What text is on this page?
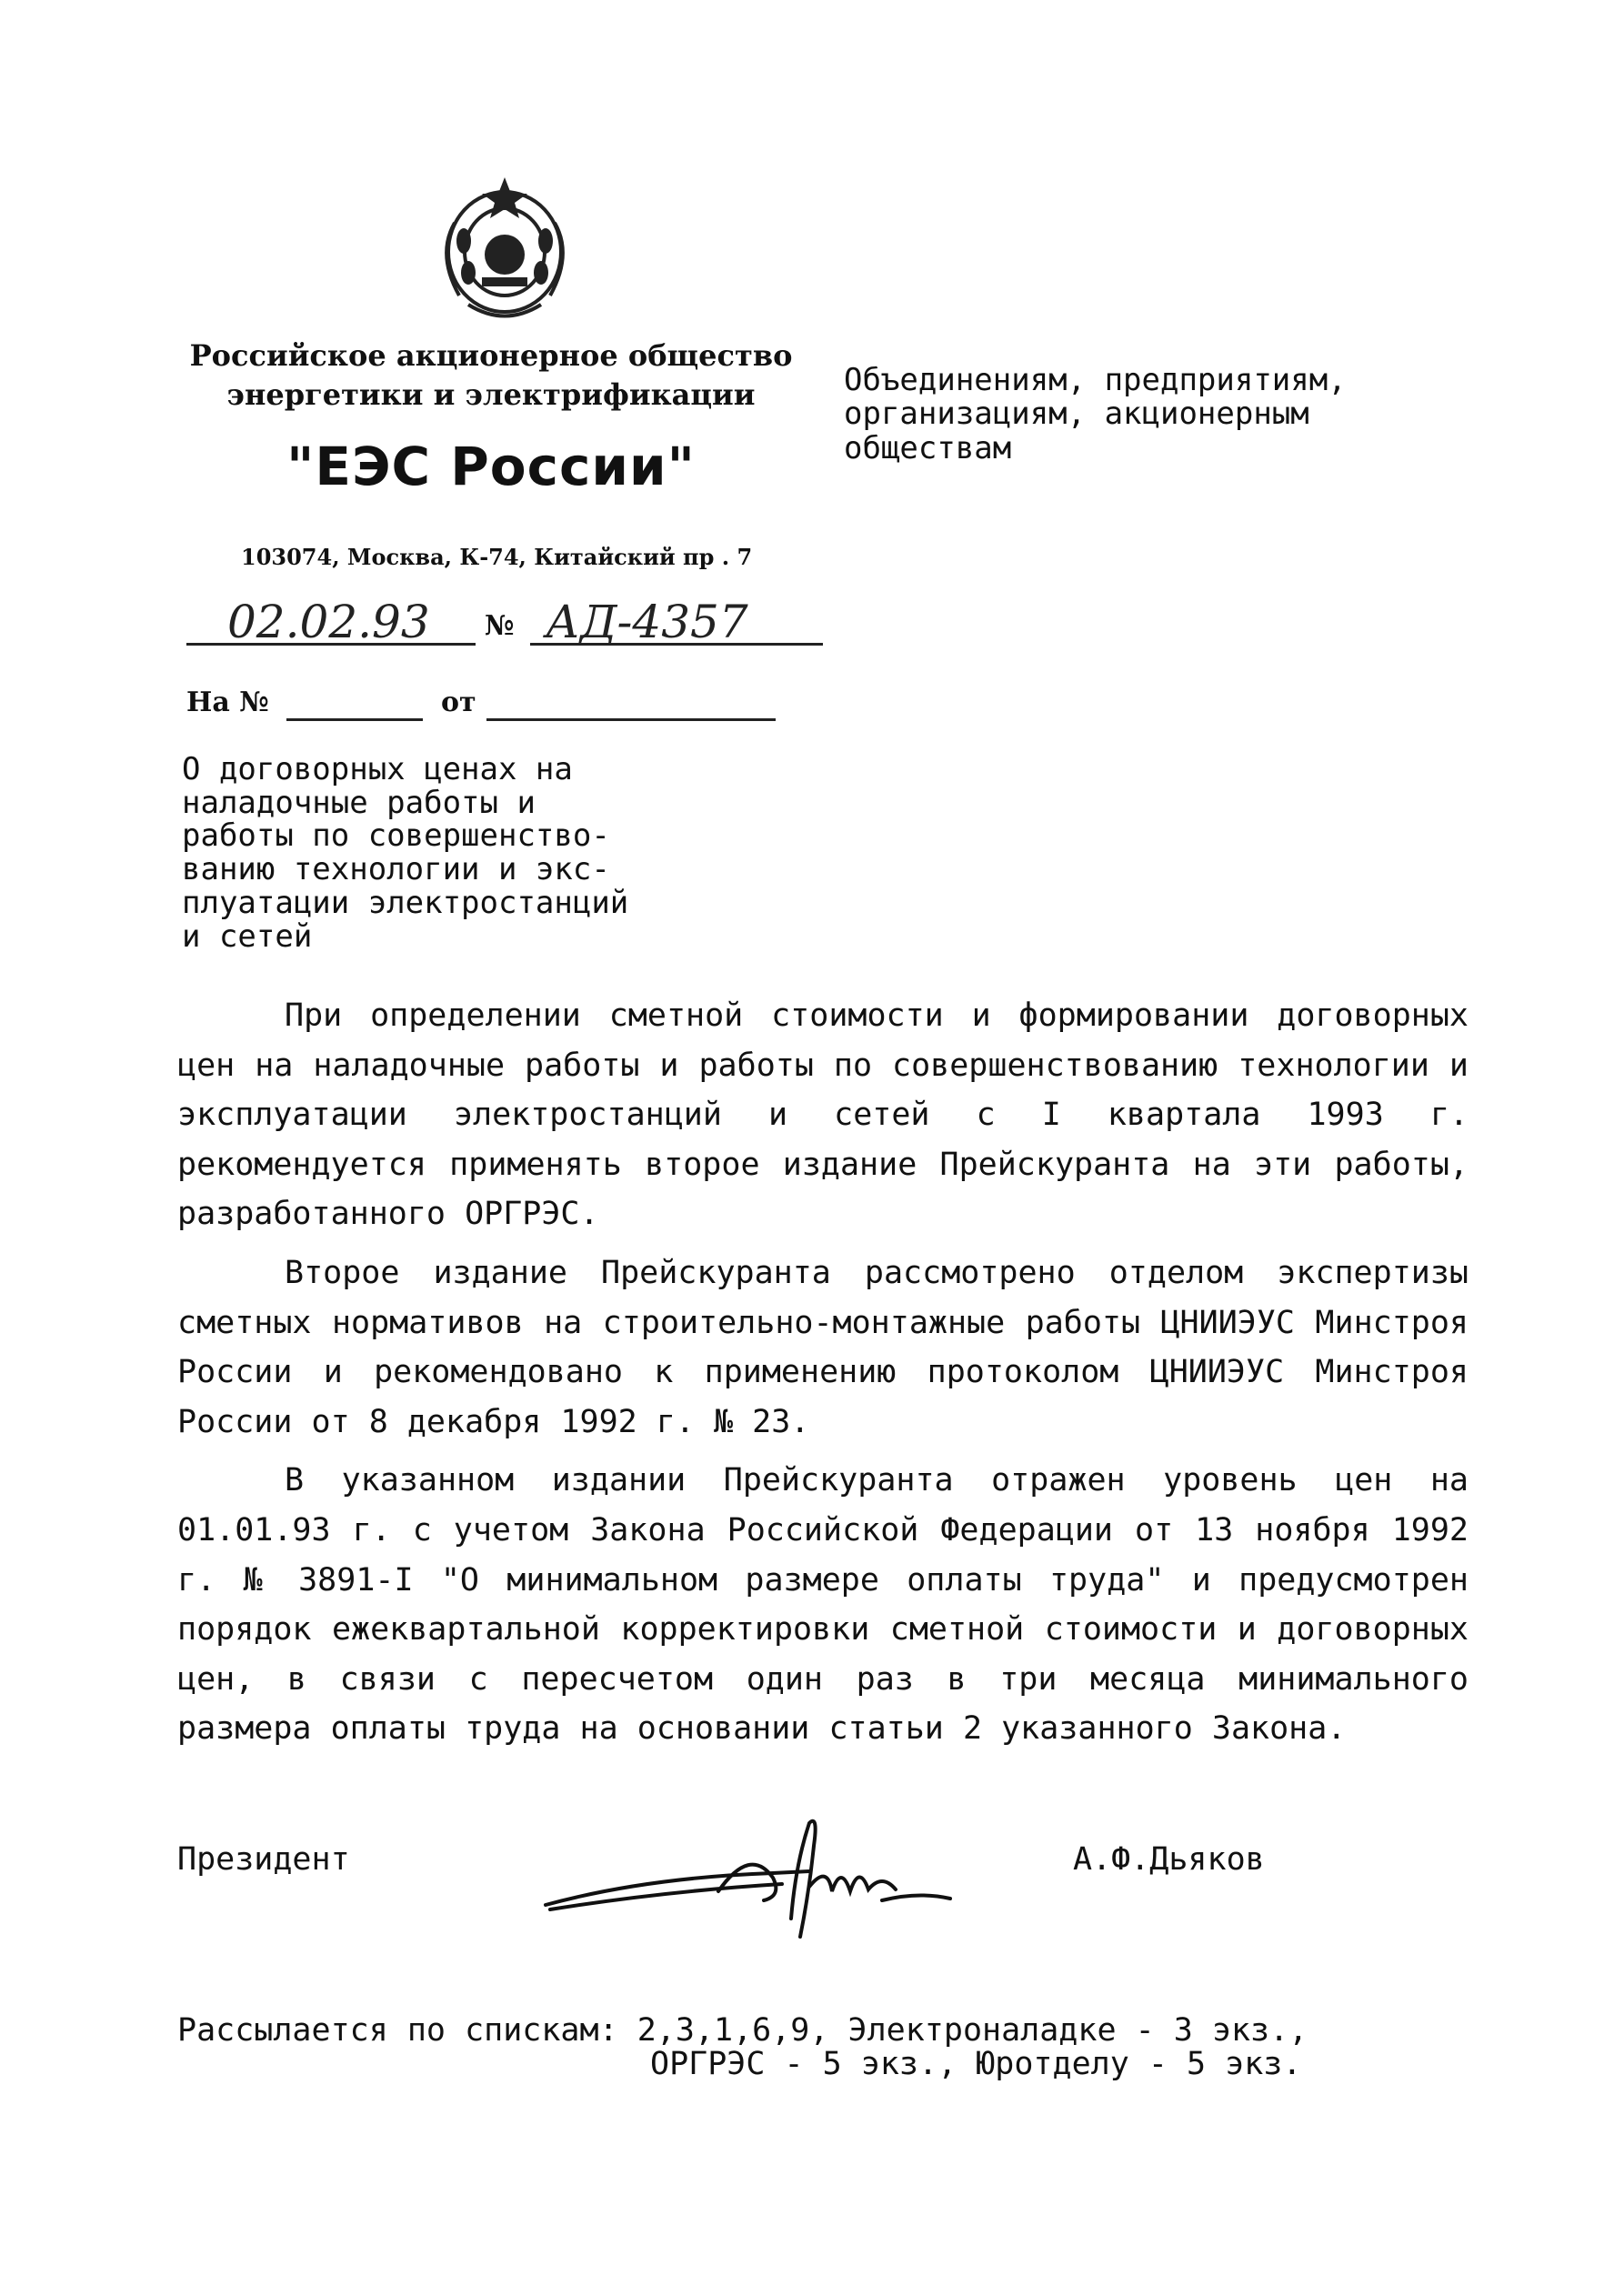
Российское акционерное общество
энергетики и электрификации
"ЕЭС России"
103074, Москва, К-74, Китайский пр . 7
02.02.93 № АД-4357
На №	от
Объединениям, предприятиям,
организациям, акционерным
обществам
О договорных ценах на
наладочные работы и
работы по совершенство-
ванию технологии и экс-
плуатации электростанций
и сетей

При определении сметной стоимости и формировании договорных цен на наладочные работы и работы по совершенствованию технологии и эксплуатации электростанций и сетей с I квартала 1993 г. рекомендуется применять второе издание Прейскуранта на эти работы, разработанного ОРГРЭС.

Второе издание Прейскуранта рассмотрено отделом экспертизы сметных нормативов на строительно-монтажные работы ЦНИИЭУС Минстроя России и рекомендовано к применению протоколом ЦНИИЭУС Минстроя России от 8 декабря 1992 г. № 23.

В указанном издании Прейскуранта отражен уровень цен на 01.01.93 г. с учетом Закона Российской Федерации от 13 ноября 1992 г. № 3891-I "О минимальном размере оплаты труда" и предусмотрен порядок ежеквартальной корректировки сметной стоимости и договорных цен, в связи с пересчетом один раз в три месяца минимального размера оплаты труда на основании статьи 2 указанного Закона.

Президент	А.Ф.Дьяков
Рассылается по спискам: 2,3,1,6,9, Электроналадке - 3 экз.,
ОРГРЭС - 5 экз., Юротделу - 5 экз.
